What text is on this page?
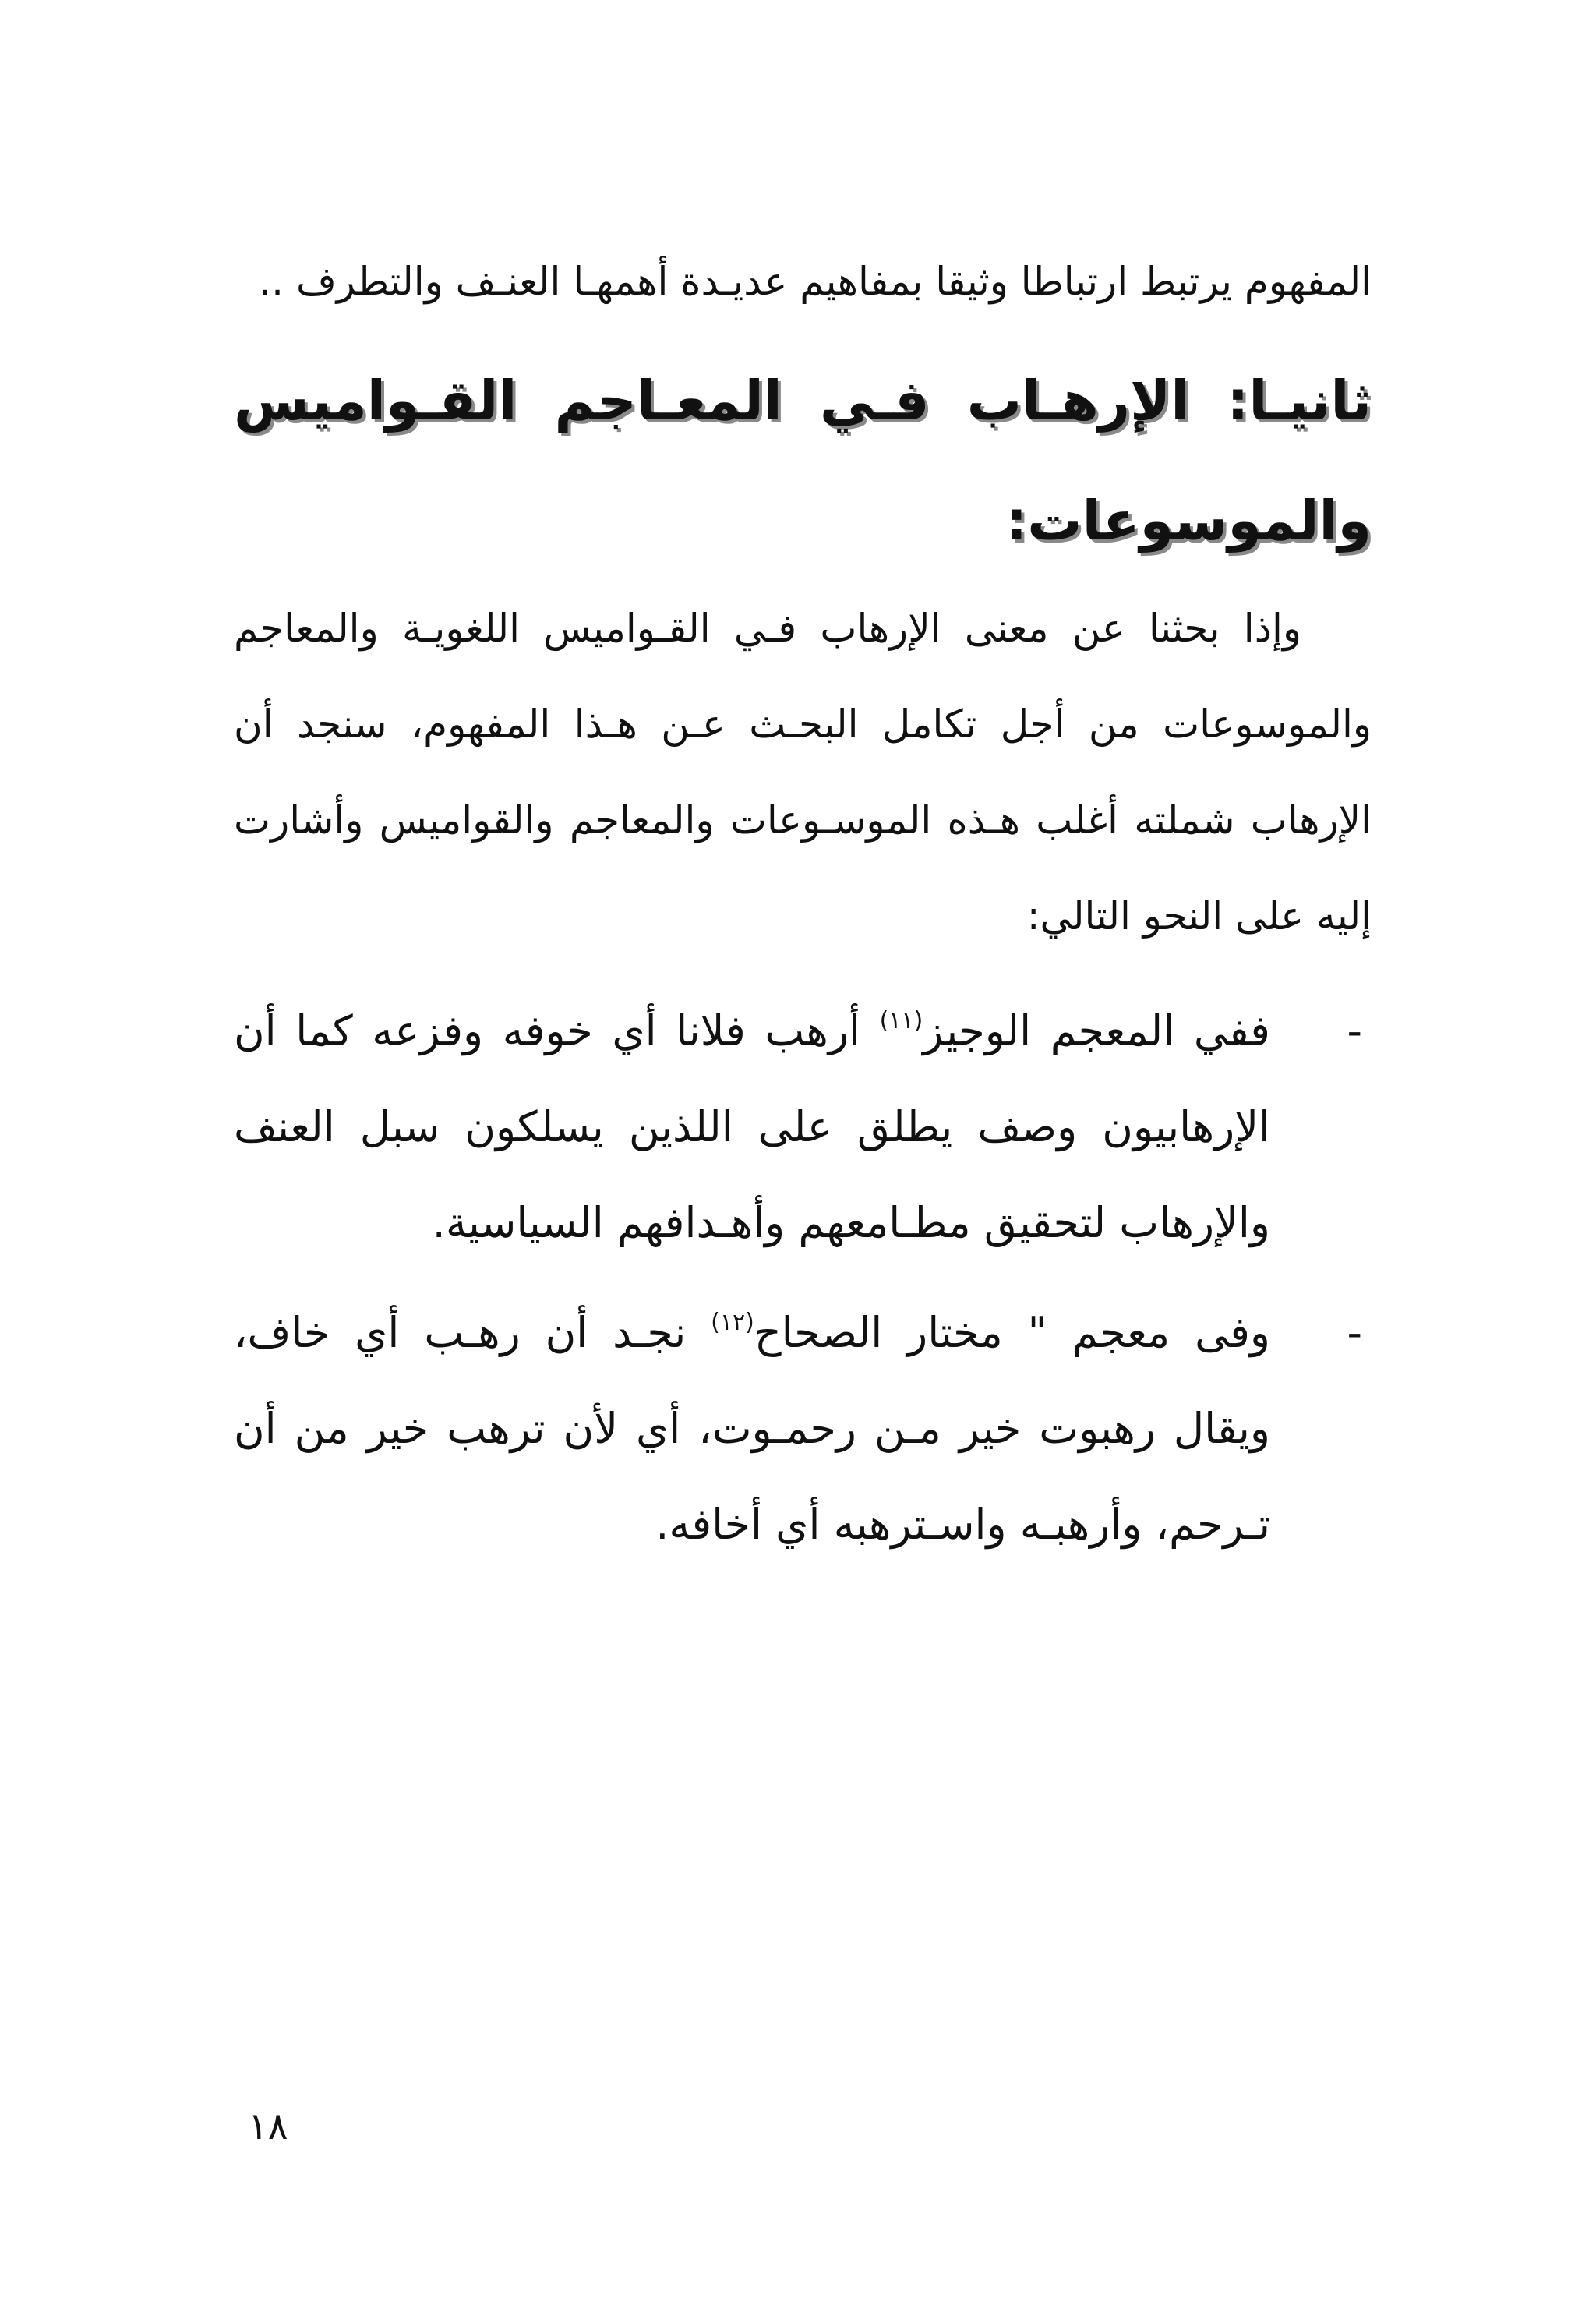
المفهوم يرتبط ارتباطا وثيقا بمفاهيم عديـدة أهمهـا العنـف والتطرف ..

ثانيـا: الإرهـاب فـي المعـاجم القـواميس والموسوعات:

وإذا بحثنا عن معنى الإرهاب فـي القـواميس اللغويـة والمعاجم والموسوعات من أجل تكامل البحـث عـن هـذا المفهوم، سنجد أن الإرهاب شملته أغلب هـذه الموسـوعات والمعاجم والقواميس وأشارت إليه على النحو التالي:

-
ففي المعجم الوجيز$^{(١١)}$ أرهب فلانا أي خوفه وفزعه كما أن الإرهابيون وصف يطلق على اللذين يسلكون سبل العنف والإرهاب لتحقيق مطـامعهم وأهـدافهم السياسية.
-
وفى معجم " مختار الصحاح$^{(١٢)}$ نجـد أن رهـب أي خاف، ويقال رهبوت خير مـن رحمـوت، أي لأن ترهب خير من أن تـرحم، وأرهبـه واسـترهبه أي أخافه.
١٨
